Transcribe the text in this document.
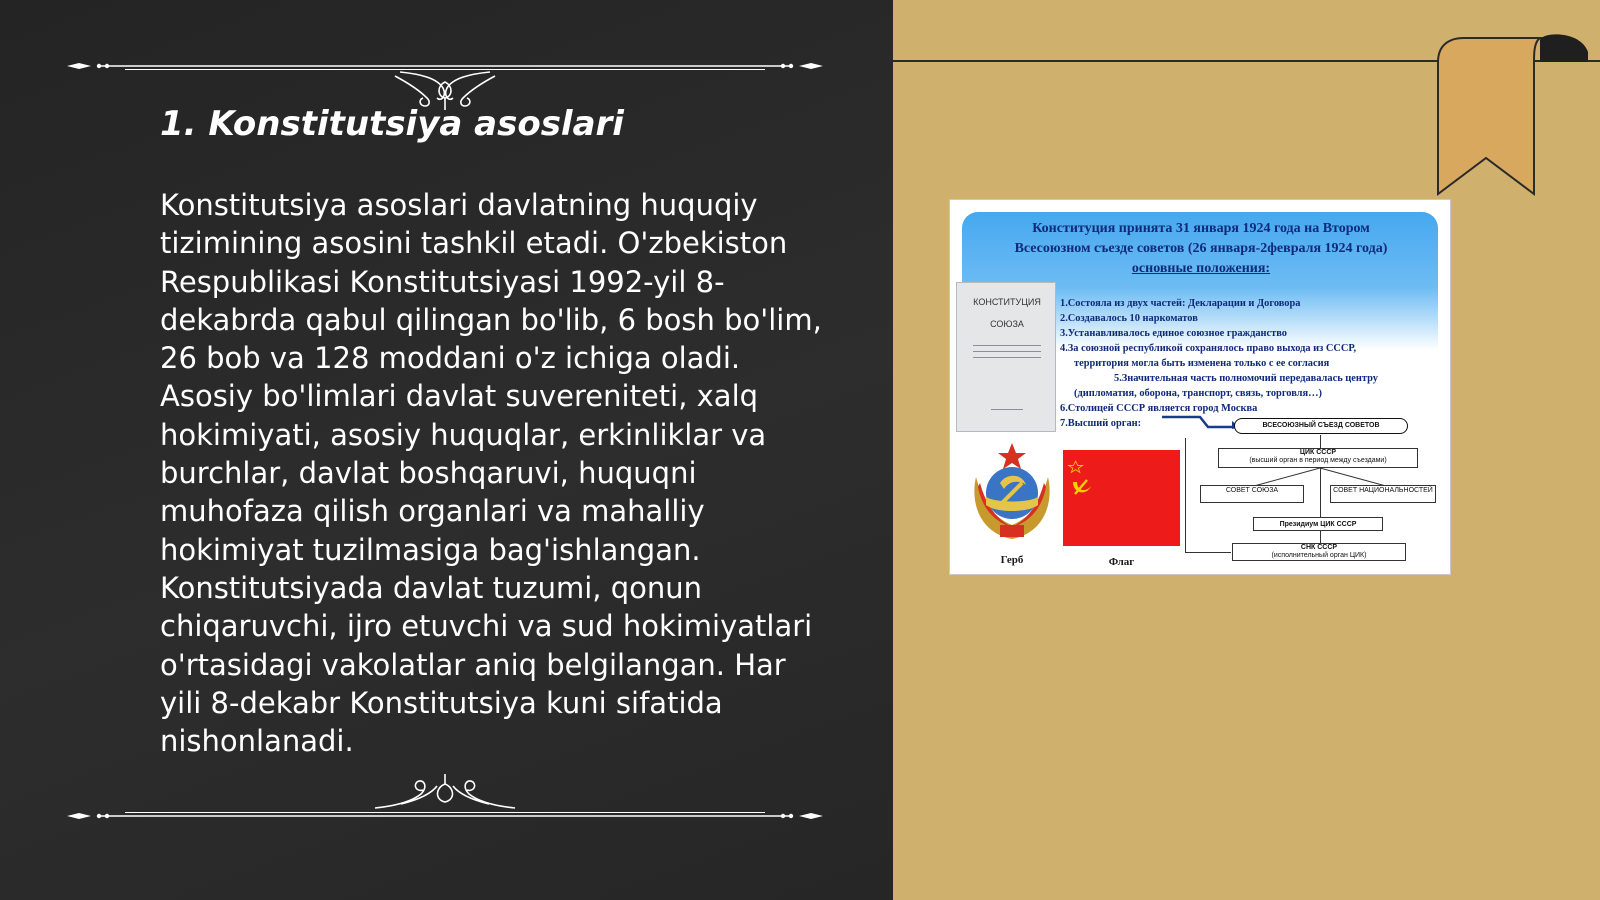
1. Konstitutsiya asoslari
Konstitutsiya asoslari davlatning huquqiy tizimining asosini tashkil etadi. O'zbekiston Respublikasi Konstitutsiyasi 1992-yil 8-dekabrda qabul qilingan bo'lib, 6 bosh bo'lim, 26 bob va 128 moddani o'z ichiga oladi. Asosiy bo'limlari davlat suvereniteti, xalq hokimiyati, asosiy huquqlar, erkinliklar va burchlar, davlat boshqaruvi, huquqni muhofaza qilish organlari va mahalliy hokimiyat tuzilmasiga bag'ishlangan. Konstitutsiyada davlat tuzumi, qonun chiqaruvchi, ijro etuvchi va sud hokimiyatlari o'rtasidagi vakolatlar aniq belgilangan. Har yili 8-dekabr Konstitutsiya kuni sifatida nishonlanadi.
Конституция принята 31 января 1924 года на Втором
Всесоюзном съезде советов (26 января-2февраля 1924 года)
основные положения:
КОНСТИТУЦИЯ
СОЮЗА
1.Состояла из двух частей: Декларации и Договора
2.Создавалось 10 наркоматов
3.Устанавливалось единое союзное гражданство
4.За союзной республикой сохранялось право выхода из СССР,
территория могла быть изменена только с ее согласия
5.Значительная часть полномочий передавалась центру
(дипломатия, оборона, транспорт, связь, торговля…)
6.Столицей СССР является город Москва
7.Высший орган:
Герб	Флаг
ВСЕСОЮЗНЫЙ СЪЕЗД СОВЕТОВ
ЦИК СССР
(высший орган в период между съездами)
СОВЕТ СОЮЗА	СОВЕТ НАЦИОНАЛЬНОСТЕЙ
Президиум ЦИК СССР
СНК СССР
(исполнительный орган ЦИК)
